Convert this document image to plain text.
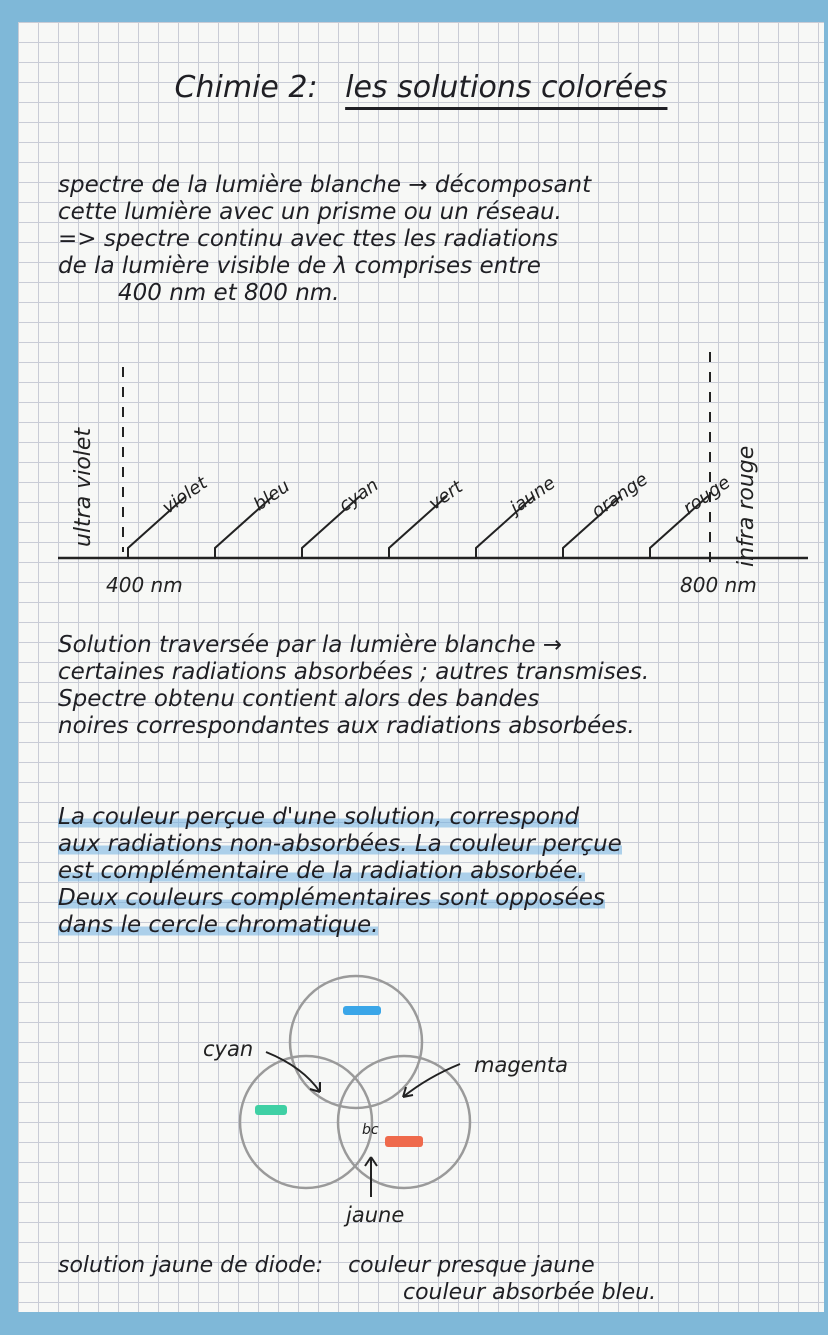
Chimie 2: les solutions colorées
spectre de la lumière blanche → décomposant
cette lumière avec un prisme ou un réseau.
=> spectre continu avec ttes les radiations
de la lumière visible de λ comprises entre
400 nm et 800 nm.
ultra violet	infra rouge
400 nm	800 nm
violet bleu cyan vert jaune orange rouge
Solution traversée par la lumière blanche →
certaines radiations absorbées ; autres transmises.
Spectre obtenu contient alors des bandes
noires correspondantes aux radiations absorbées.
La couleur perçue d'une solution, correspond
aux radiations non-absorbées. La couleur perçue
est complémentaire de la radiation absorbée.
Deux couleurs complémentaires sont opposées
dans le cercle chromatique.
cyan
magenta
bc
jaune
solution jaune de diode: couleur presque jaune
couleur absorbée bleu.
